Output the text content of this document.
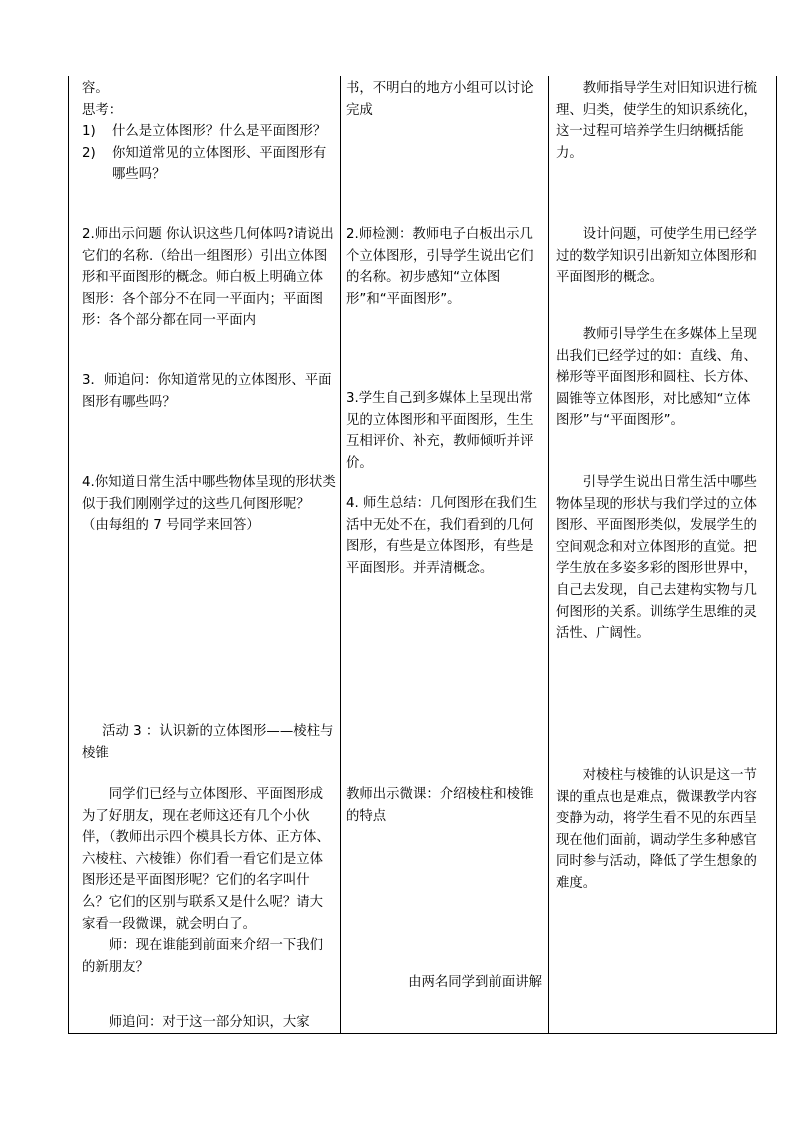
容。

思考：

1) 什么是立体图形？什么是平面图形？

2) 你知道常见的立体图形、平面图形有哪些吗？

2.师出示问题 你认识这些几何体吗?请说出它们的名称.（给出一组图形）引出立体图形和平面图形的概念。师白板上明确立体图形：各个部分不在同一平面内；平面图形：各个部分都在同一平面内

3．师追问：你知道常见的立体图形、平面图形有哪些吗？

4.你知道日常生活中哪些物体呈现的形状类似于我们刚刚学过的这些几何图形呢？（由每组的 7 号同学来回答）

活动 3 ：认识新的立体图形——棱柱与棱锥

同学们已经与立体图形、平面图形成为了好朋友，现在老师这还有几个小伙伴，（教师出示四个模具长方体、正方体、六棱柱、六棱锥）你们看一看它们是立体图形还是平面图形呢？它们的名字叫什么？它们的区别与联系又是什么呢？请大家看一段微课，就会明白了。

师：现在谁能到前面来介绍一下我们的新朋友？

师追问：对于这一部分知识，大家

书，不明白的地方小组可以讨论完成

2.师检测：教师电子白板出示几个立体图形，引导学生说出它们的名称。初步感知“立体图形”和“平面图形”。

3.学生自己到多媒体上呈现出常见的立体图形和平面图形，生生互相评价、补充，教师倾听并评价。

4. 师生总结：几何图形在我们生活中无处不在，我们看到的几何图形，有些是立体图形，有些是平面图形。并弄清概念。

教师出示微课：介绍棱柱和棱锥的特点

由两名同学到前面讲解

教师指导学生对旧知识进行梳理、归类，使学生的知识系统化，这一过程可培养学生归纳概括能力。

设计问题，可使学生用已经学过的数学知识引出新知立体图形和平面图形的概念。

教师引导学生在多媒体上呈现出我们已经学过的如：直线、角、梯形等平面图形和圆柱、长方体、圆锥等立体图形，对比感知“立体图形”与“平面图形”。

引导学生说出日常生活中哪些物体呈现的形状与我们学过的立体图形、平面图形类似，发展学生的空间观念和对立体图形的直觉。把学生放在多姿多彩的图形世界中，自己去发现，自己去建构实物与几何图形的关系。训练学生思维的灵活性、广阔性。

对棱柱与棱锥的认识是这一节课的重点也是难点，微课教学内容变静为动，将学生看不见的东西呈现在他们面前，调动学生多种感官同时参与活动，降低了学生想象的难度。
